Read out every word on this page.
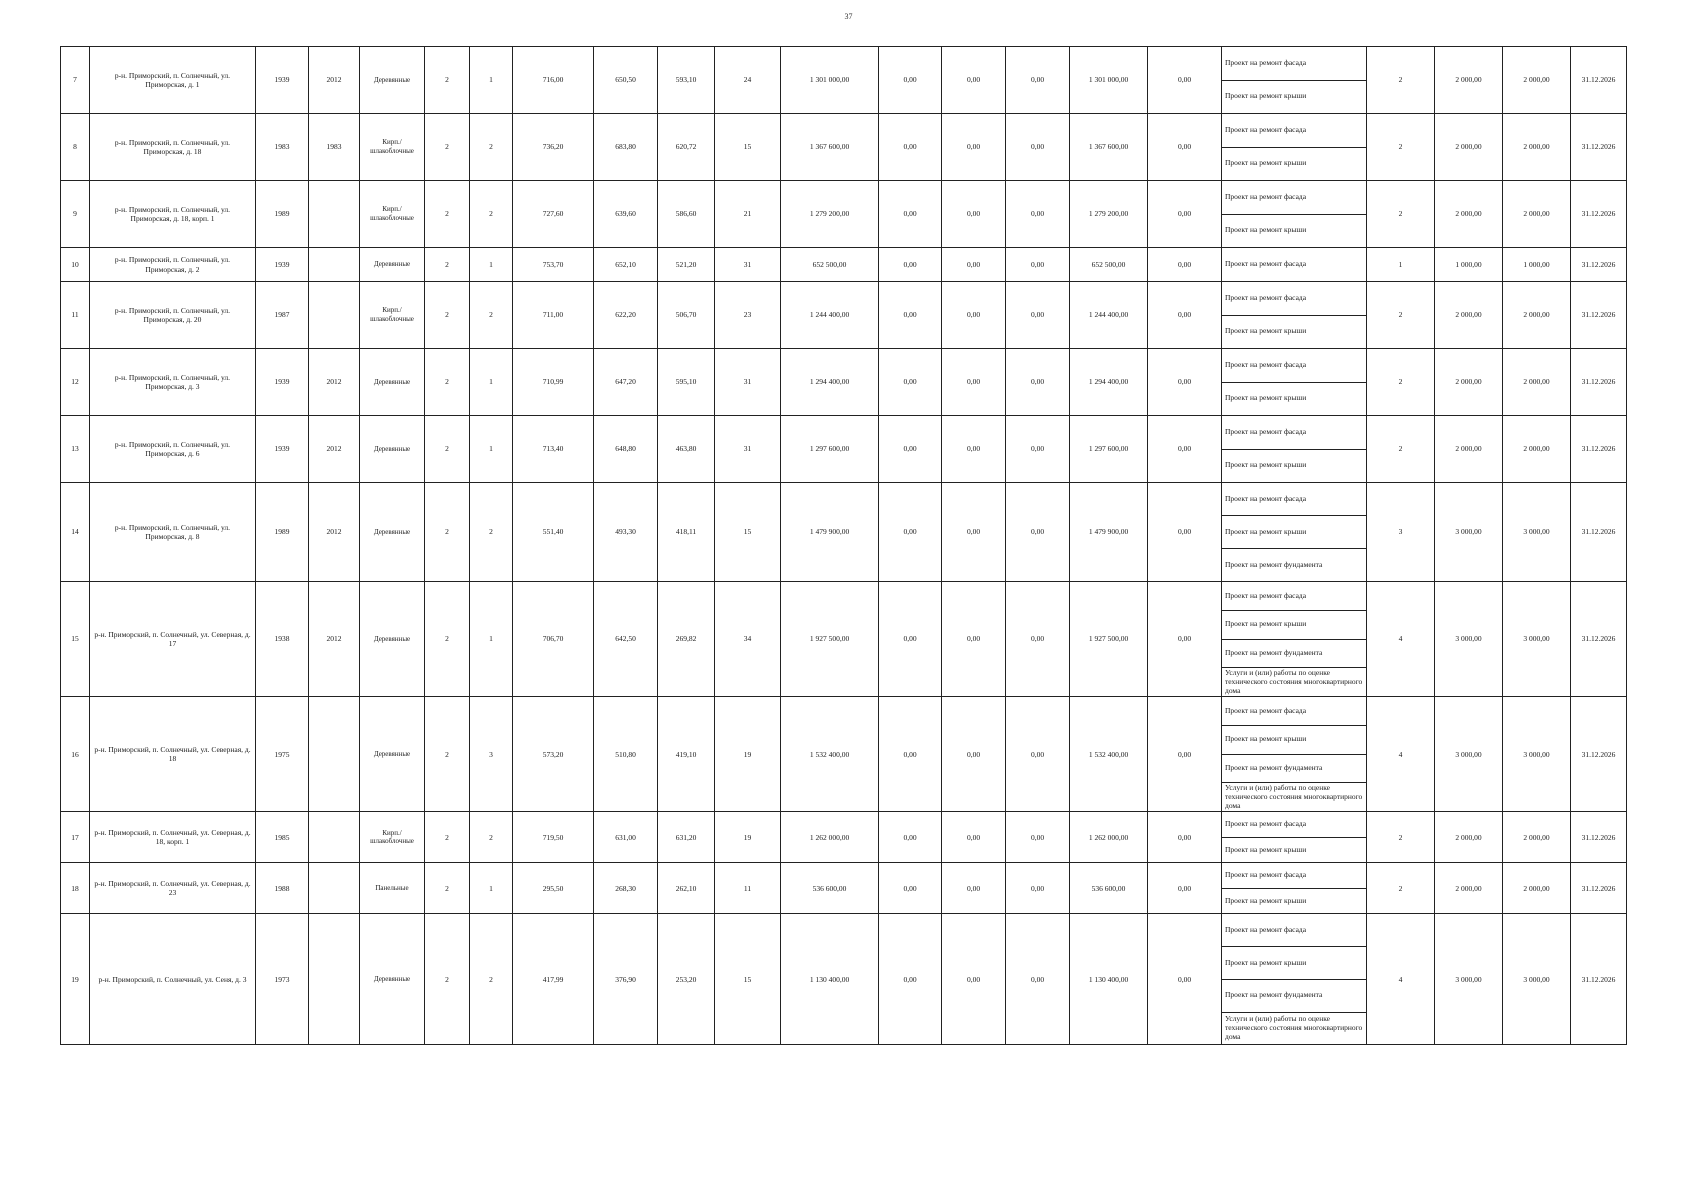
37
7	р-н. Приморский, п. Солнечный, ул. Приморская, д. 1	1939	2012	Деревянные	2	1	716,00	650,50	593,10	24	1 301 000,00	0,00	0,00	0,00	1 301 000,00	0,00	Проект на ремонт фасада	2	2 000,00	2 000,00	31.12.2026
																	Проект на ремонт крыши				
8	р-н. Приморский, п. Солнечный, ул. Приморская, д. 18	1983	1983	Кирп./шлакоблочные	2	2	736,20	683,80	620,72	15	1 367 600,00	0,00	0,00	0,00	1 367 600,00	0,00	Проект на ремонт фасада	2	2 000,00	2 000,00	31.12.2026
																	Проект на ремонт крыши				
9	р-н. Приморский, п. Солнечный, ул. Приморская, д. 18, корп. 1	1989		Кирп./шлакоблочные	2	2	727,60	639,60	586,60	21	1 279 200,00	0,00	0,00	0,00	1 279 200,00	0,00	Проект на ремонт фасада	2	2 000,00	2 000,00	31.12.2026
																	Проект на ремонт крыши				
10	р-н. Приморский, п. Солнечный, ул. Приморская, д. 2	1939		Деревянные	2	1	753,70	652,10	521,20	31	652 500,00	0,00	0,00	0,00	652 500,00	0,00	Проект на ремонт фасада	1	1 000,00	1 000,00	31.12.2026
11	р-н. Приморский, п. Солнечный, ул. Приморская, д. 20	1987		Кирп./шлакоблочные	2	2	711,00	622,20	506,70	23	1 244 400,00	0,00	0,00	0,00	1 244 400,00	0,00	Проект на ремонт фасада	2	2 000,00	2 000,00	31.12.2026
																	Проект на ремонт крыши				
12	р-н. Приморский, п. Солнечный, ул. Приморская, д. 3	1939	2012	Деревянные	2	1	710,99	647,20	595,10	31	1 294 400,00	0,00	0,00	0,00	1 294 400,00	0,00	Проект на ремонт фасада	2	2 000,00	2 000,00	31.12.2026
																	Проект на ремонт крыши				
13	р-н. Приморский, п. Солнечный, ул. Приморская, д. 6	1939	2012	Деревянные	2	1	713,40	648,80	463,80	31	1 297 600,00	0,00	0,00	0,00	1 297 600,00	0,00	Проект на ремонт фасада	2	2 000,00	2 000,00	31.12.2026
																	Проект на ремонт крыши				
14	р-н. Приморский, п. Солнечный, ул. Приморская, д. 8	1989	2012	Деревянные	2	2	551,40	493,30	418,11	15	1 479 900,00	0,00	0,00	0,00	1 479 900,00	0,00	Проект на ремонт фасада	3	3 000,00	3 000,00	31.12.2026
																	Проект на ремонт крыши				
																	Проект на ремонт фундамента				
15	р-н. Приморский, п. Солнечный, ул. Северная, д. 17	1938	2012	Деревянные	2	1	706,70	642,50	269,82	34	1 927 500,00	0,00	0,00	0,00	1 927 500,00	0,00	Проект на ремонт фасада	4	3 000,00	3 000,00	31.12.2026
																	Проект на ремонт крыши				
																	Проект на ремонт фундамента				
																	Услуги и (или) работы по оценке технического состояния многоквартирного дома				
16	р-н. Приморский, п. Солнечный, ул. Северная, д. 18	1975		Деревянные	2	3	573,20	510,80	419,10	19	1 532 400,00	0,00	0,00	0,00	1 532 400,00	0,00	Проект на ремонт фасада	4	3 000,00	3 000,00	31.12.2026
																	Проект на ремонт крыши				
																	Проект на ремонт фундамента				
																	Услуги и (или) работы по оценке технического состояния многоквартирного дома				
17	р-н. Приморский, п. Солнечный, ул. Северная, д. 18, корп. 1	1985		Кирп./шлакоблочные	2	2	719,50	631,00	631,20	19	1 262 000,00	0,00	0,00	0,00	1 262 000,00	0,00	Проект на ремонт фасада	2	2 000,00	2 000,00	31.12.2026
																	Проект на ремонт крыши				
18	р-н. Приморский, п. Солнечный, ул. Северная, д. 23	1988		Панельные	2	1	295,50	268,30	262,10	11	536 600,00	0,00	0,00	0,00	536 600,00	0,00	Проект на ремонт фасада	2	2 000,00	2 000,00	31.12.2026
																	Проект на ремонт крыши				
19	р-н. Приморский, п. Солнечный, ул. Сеня, д. 3	1973		Деревянные	2	2	417,99	376,90	253,20	15	1 130 400,00	0,00	0,00	0,00	1 130 400,00	0,00	Проект на ремонт фасада	4	3 000,00	3 000,00	31.12.2026
																	Проект на ремонт крыши				
																	Проект на ремонт фундамента				
																	Услуги и (или) работы по оценке технического состояния многоквартирного дома				
